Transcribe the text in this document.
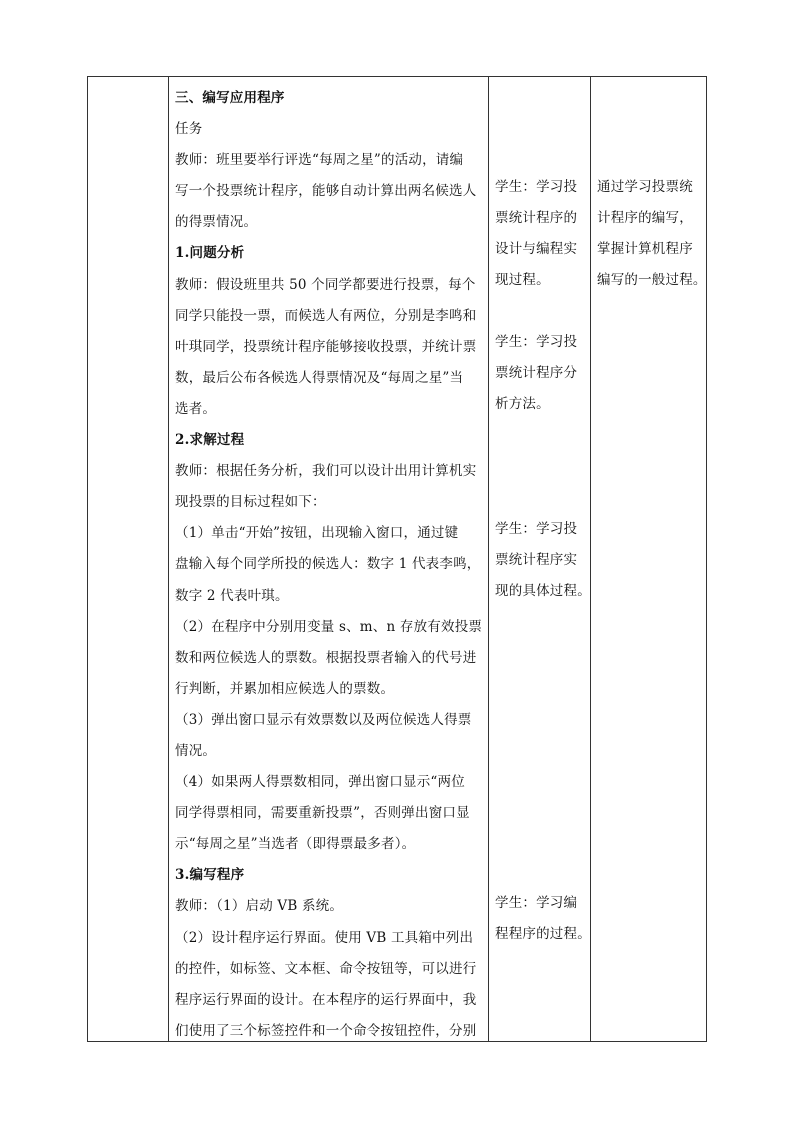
三、编写应用程序
任务
教师：班里要举行评选“每周之星”的活动，请编
写一个投票统计程序，能够自动计算出两名候选人
的得票情况。
1.问题分析
教师：假设班里共 50 个同学都要进行投票，每个
同学只能投一票，而候选人有两位，分别是李鸣和
叶琪同学，投票统计程序能够接收投票，并统计票
数，最后公布各候选人得票情况及“每周之星”当
选者。
2.求解过程
教师：根据任务分析，我们可以设计出用计算机实
现投票的目标过程如下：
（1）单击“开始”按钮，出现输入窗口，通过键
盘输入每个同学所投的候选人：数字 1 代表李鸣，
数字 2 代表叶琪。
（2）在程序中分别用变量 s、m、n 存放有效投票
数和两位候选人的票数。根据投票者输入的代号进
行判断，并累加相应候选人的票数。
（3）弹出窗口显示有效票数以及两位候选人得票
情况。
（4）如果两人得票数相同，弹出窗口显示“两位
同学得票相同，需要重新投票”，否则弹出窗口显
示“每周之星”当选者（即得票最多者）。
3.编写程序
教师：（1）启动 VB 系统。
（2）设计程序运行界面。使用 VB 工具箱中列出
的控件，如标签、文本框、命令按钮等，可以进行
程序运行界面的设计。在本程序的运行界面中，我
们使用了三个标签控件和一个命令按钮控件，分别
学生：学习投
票统计程序的
设计与编程实
现过程。
学生：学习投
票统计程序分
析方法。
学生：学习投
票统计程序实
现的具体过程。
学生：学习编
程程序的过程。
通过学习投票统
计程序的编写，
掌握计算机程序
编写的一般过程。
